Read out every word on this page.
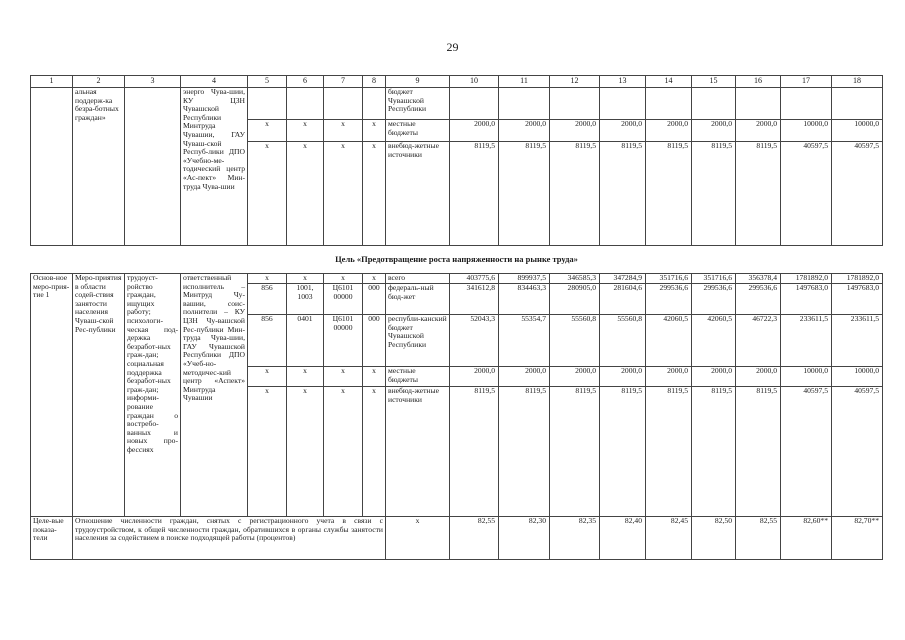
29
1	2	3	4	5	6	7	8	9	10	11	12	13	14	15	16	17	18
	альная поддерж-ка безра-ботных граждан»		энерго Чува-шии, КУ ЦЗН Чувашской Республики Минтруда Чувашии, ГАУ Чуваш-ской Респуб-лики ДПО «Учебно-ме-тодический центр «Ас-пект» Мин-труда Чува-шии					бюджет Чувашской Республики									
				x	x	x	x	местные бюджеты	2000,0	2000,0	2000,0	2000,0	2000,0	2000,0	2000,0	10000,0	10000,0
				x	x	x	x	внебюд-жетные источники	8119,5	8119,5	8119,5	8119,5	8119,5	8119,5	8119,5	40597,5	40597,5
Цель «Предотвращение роста напряженности на рынке труда»																	
Основ-ное меро-прия-тие 1	Меро-приятия в области содей-ствия занятости населения Чуваш-ской Рес-публики	трудоуст-ройство граждан, ищущих работу; психологи-ческая под-держка безработ-ных граж-дан; социальная поддержка безработ-ных граж-дан; информи-рование граждан о востребо-ванных и новых про-фессиях	ответственный исполнитель – Минтруд Чу-вашии, соис-полнители – КУ ЦЗН Чу-вашской Рес-публики Мин-труда Чува-шии, ГАУ Чувашской Республики ДПО «Учеб-но-методичес-кий центр «Аспект» Минтруда Чувашии	x	x	x	x	всего	403775,6	899937,5	346585,3	347284,9	351716,6	351716,6	356378,4	1781892,0	1781892,0
				856	1001, 1003	Ц6101 00000	000	федераль-ный бюд-жет	341612,8	834463,3	280905,0	281604,6	299536,6	299536,6	299536,6	1497683,0	1497683,0
				856	0401	Ц6101 00000	000	республи-канский бюджет Чувашской Республики	52043,3	55354,7	55560,8	55560,8	42060,5	42060,5	46722,3	233611,5	233611,5
				x	x	x	x	местные бюджеты	2000,0	2000,0	2000,0	2000,0	2000,0	2000,0	2000,0	10000,0	10000,0
				x	x	x	x	внебюд-жетные источники	8119,5	8119,5	8119,5	8119,5	8119,5	8119,5	8119,5	40597,5	40597,5
Целе-вые показа-тели	Отношение численности граждан, снятых с регистрационного учета в связи с трудоустройством, к общей численности граждан, обратившихся в органы службы занятости населения за содействием в поиске подходящей работы (процентов)							x	82,55	82,30	82,35	82,40	82,45	82,50	82,55	82,60**	82,70**
